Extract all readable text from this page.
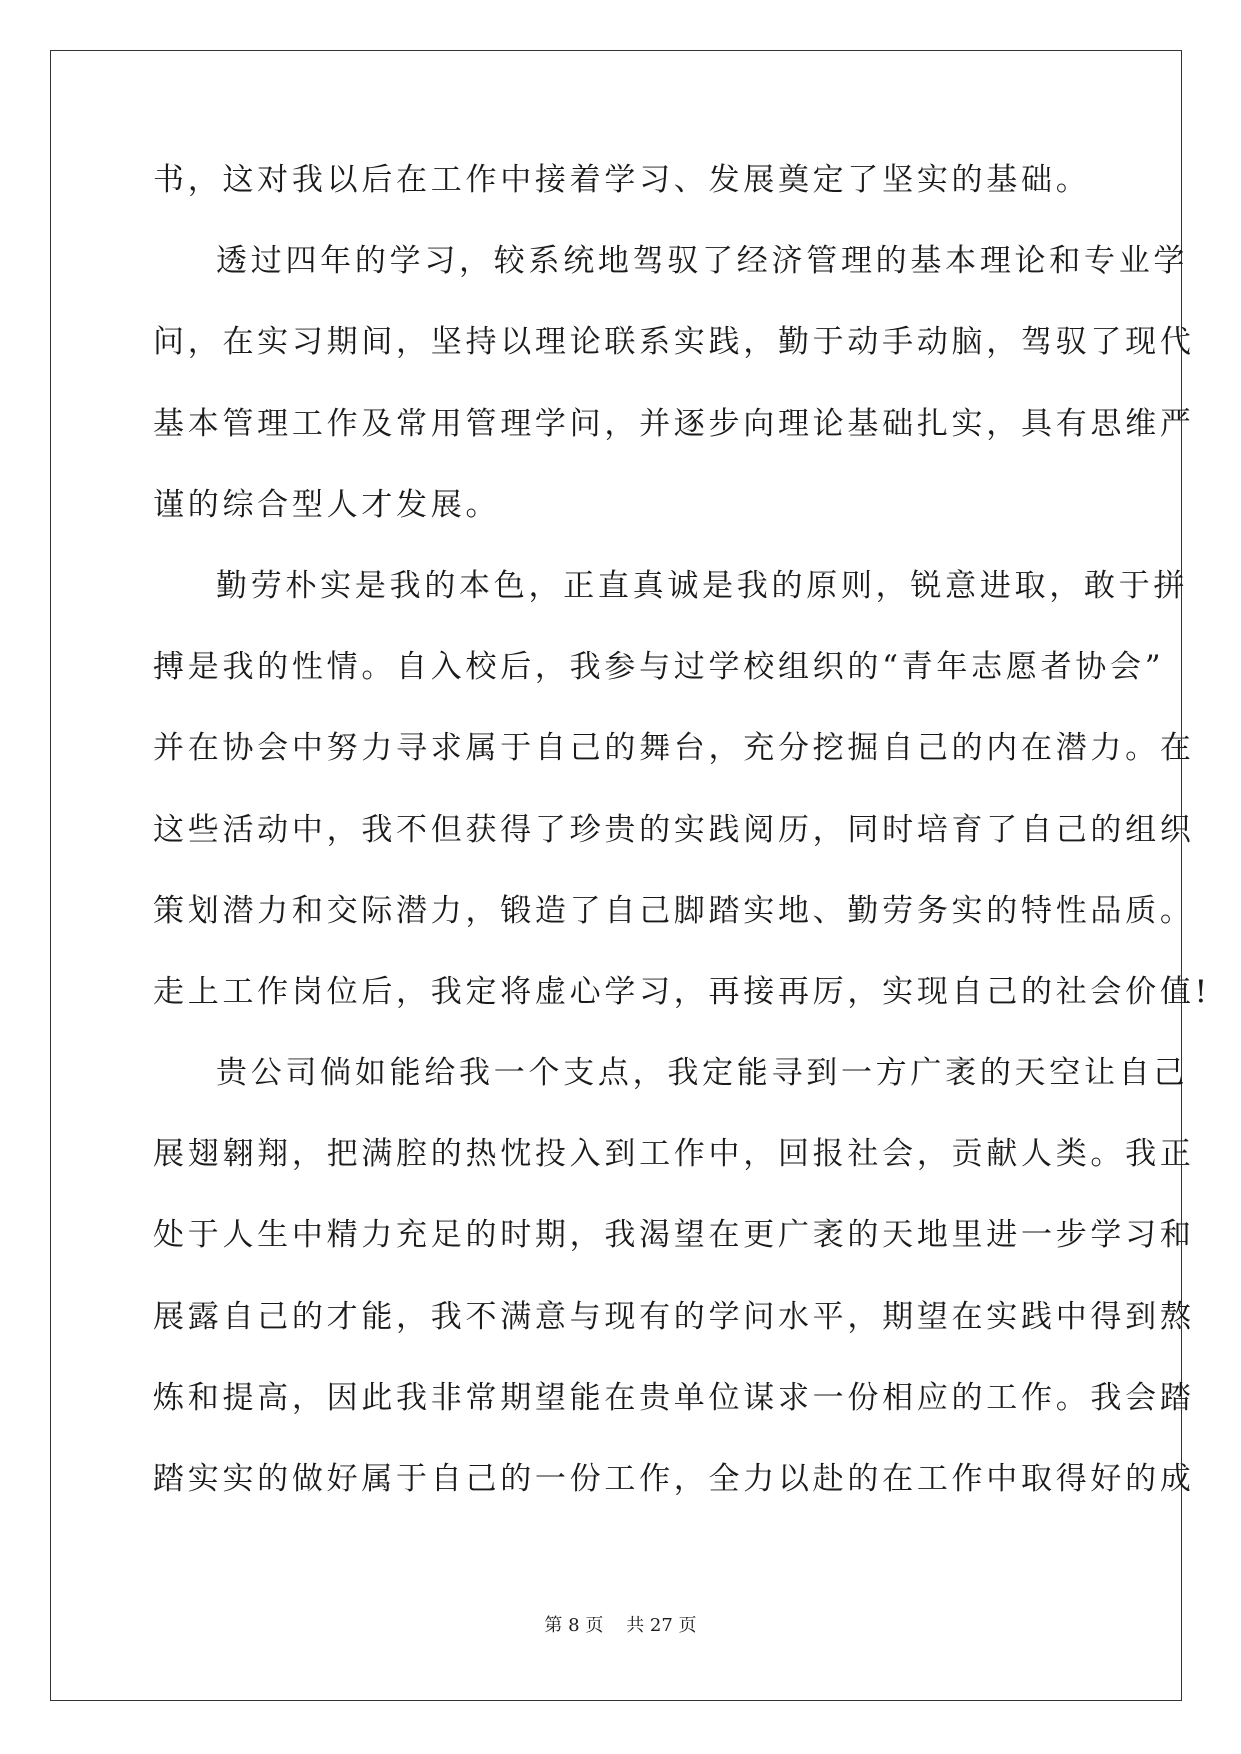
书，这对我以后在工作中接着学习、发展奠定了坚实的基础。
透过四年的学习，较系统地驾驭了经济管理的基本理论和专业学
问，在实习期间，坚持以理论联系实践，勤于动手动脑，驾驭了现代
基本管理工作及常用管理学问，并逐步向理论基础扎实，具有思维严
谨的综合型人才发展。
勤劳朴实是我的本色，正直真诚是我的原则，锐意进取，敢于拼
搏是我的性情。自入校后，我参与过学校组织的“青年志愿者协会”
并在协会中努力寻求属于自己的舞台，充分挖掘自己的内在潜力。在
这些活动中，我不但获得了珍贵的实践阅历，同时培育了自己的组织
策划潜力和交际潜力，锻造了自己脚踏实地、勤劳务实的特性品质。
走上工作岗位后，我定将虚心学习，再接再厉，实现自己的社会价值!
贵公司倘如能给我一个支点，我定能寻到一方广袤的天空让自己
展翅翱翔，把满腔的热忱投入到工作中，回报社会，贡献人类。我正
处于人生中精力充足的时期，我渴望在更广袤的天地里进一步学习和
展露自己的才能，我不满意与现有的学问水平，期望在实践中得到熬
炼和提高，因此我非常期望能在贵单位谋求一份相应的工作。我会踏
踏实实的做好属于自己的一份工作，全力以赴的在工作中取得好的成
第 8 页    共 27 页
